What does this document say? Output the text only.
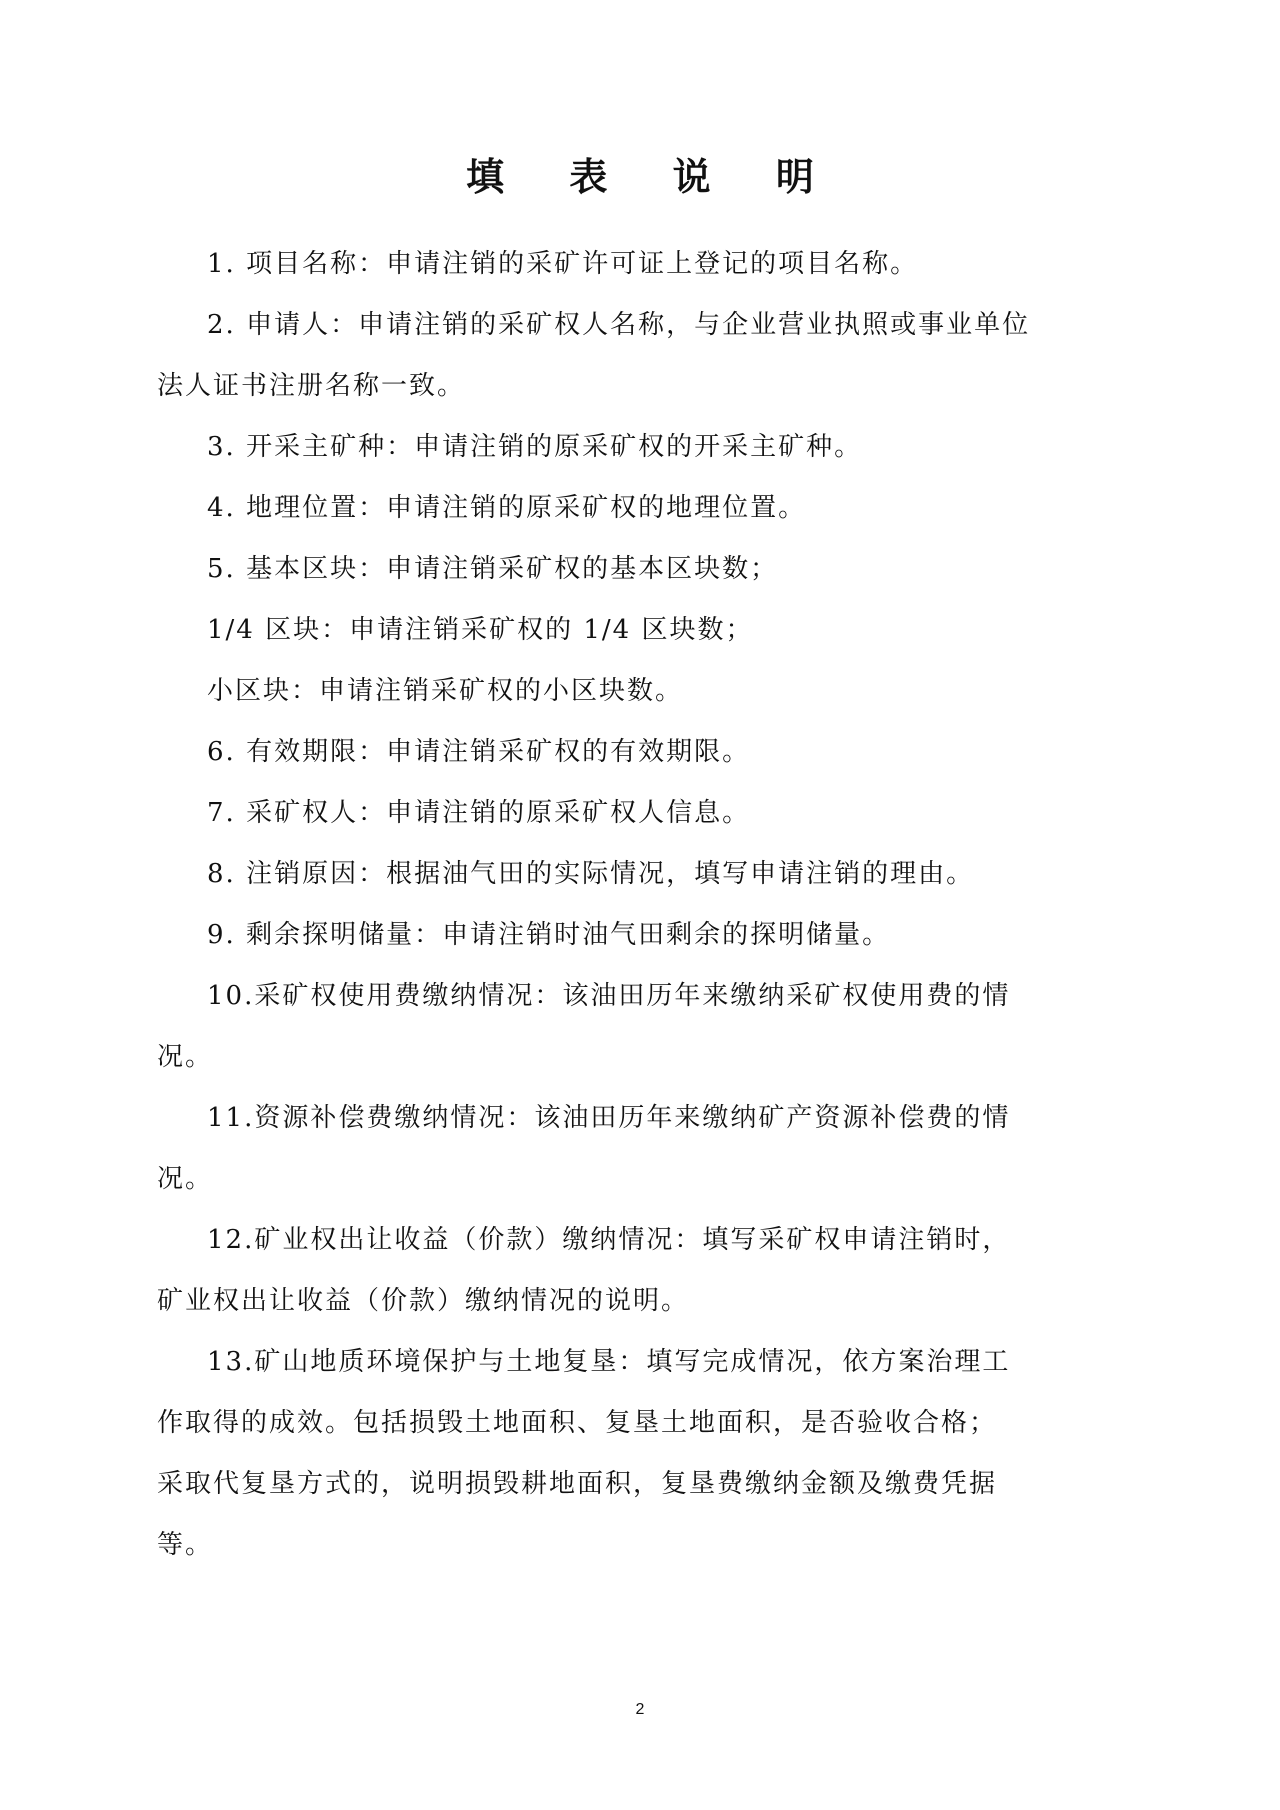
填 表 说 明
1. 项目名称：申请注销的采矿许可证上登记的项目名称。
2. 申请人：申请注销的采矿权人名称，与企业营业执照或事业单位
法人证书注册名称一致。
3. 开采主矿种：申请注销的原采矿权的开采主矿种。
4. 地理位置：申请注销的原采矿权的地理位置。
5. 基本区块：申请注销采矿权的基本区块数；
1/4 区块：申请注销采矿权的 1/4 区块数；
小区块：申请注销采矿权的小区块数。
6. 有效期限：申请注销采矿权的有效期限。
7. 采矿权人：申请注销的原采矿权人信息。
8. 注销原因：根据油气田的实际情况，填写申请注销的理由。
9. 剩余探明储量：申请注销时油气田剩余的探明储量。
10.采矿权使用费缴纳情况：该油田历年来缴纳采矿权使用费的情
况。
11.资源补偿费缴纳情况：该油田历年来缴纳矿产资源补偿费的情
况。
12.矿业权出让收益（价款）缴纳情况：填写采矿权申请注销时，
矿业权出让收益（价款）缴纳情况的说明。
13.矿山地质环境保护与土地复垦：填写完成情况，依方案治理工
作取得的成效。包括损毁土地面积、复垦土地面积，是否验收合格；
采取代复垦方式的，说明损毁耕地面积，复垦费缴纳金额及缴费凭据
等。
2
